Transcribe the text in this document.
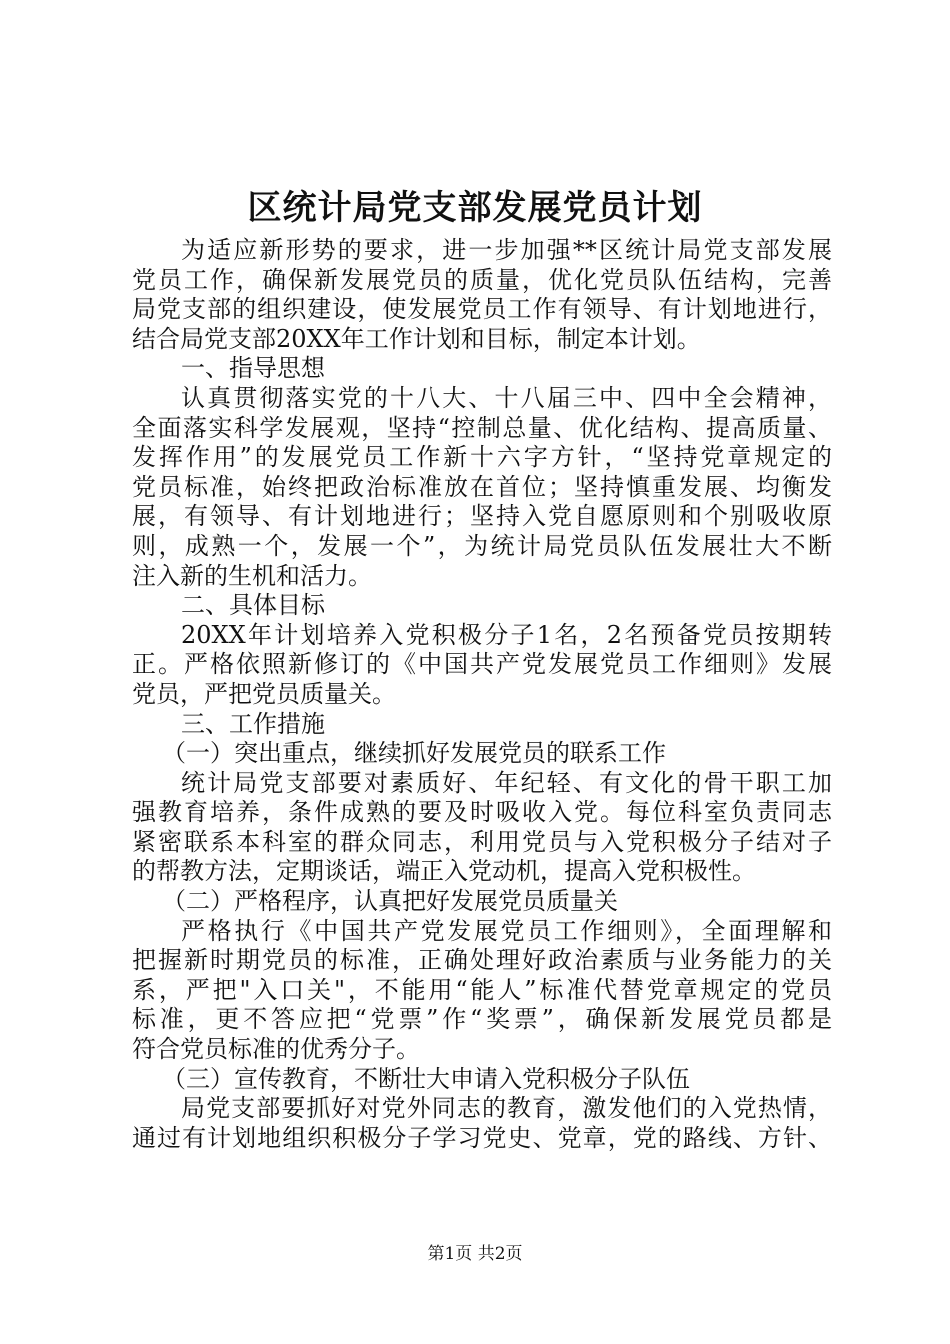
区统计局党支部发展党员计划
为适应新形势的要求，进一步加强**区统计局党支部发展
党员工作，确保新发展党员的质量，优化党员队伍结构，完善
局党支部的组织建设，使发展党员工作有领导、有计划地进行，
结合局党支部20XX年工作计划和目标，制定本计划。
一、指导思想
认真贯彻落实党的十八大、十八届三中、四中全会精神，
全面落实科学发展观，坚持“控制总量、优化结构、提高质量、
发挥作用”的发展党员工作新十六字方针，“坚持党章规定的
党员标准，始终把政治标准放在首位；坚持慎重发展、均衡发
展，有领导、有计划地进行；坚持入党自愿原则和个别吸收原
则，成熟一个，发展一个”，为统计局党员队伍发展壮大不断
注入新的生机和活力。
二、具体目标
20XX年计划培养入党积极分子1名，2名预备党员按期转
正。严格依照新修订的《中国共产党发展党员工作细则》发展
党员，严把党员质量关。
三、工作措施
（一）突出重点，继续抓好发展党员的联系工作
统计局党支部要对素质好、年纪轻、有文化的骨干职工加
强教育培养，条件成熟的要及时吸收入党。每位科室负责同志
紧密联系本科室的群众同志，利用党员与入党积极分子结对子
的帮教方法，定期谈话，端正入党动机，提高入党积极性。
（二）严格程序，认真把好发展党员质量关
严格执行《中国共产党发展党员工作细则》，全面理解和
把握新时期党员的标准，正确处理好政治素质与业务能力的关
系，严把"入口关"，不能用“能人”标准代替党章规定的党员
标准，更不答应把“党票”作“奖票”，确保新发展党员都是
符合党员标准的优秀分子。
（三）宣传教育，不断壮大申请入党积极分子队伍
局党支部要抓好对党外同志的教育，激发他们的入党热情，
通过有计划地组织积极分子学习党史、党章，党的路线、方针、
第1页 共2页
